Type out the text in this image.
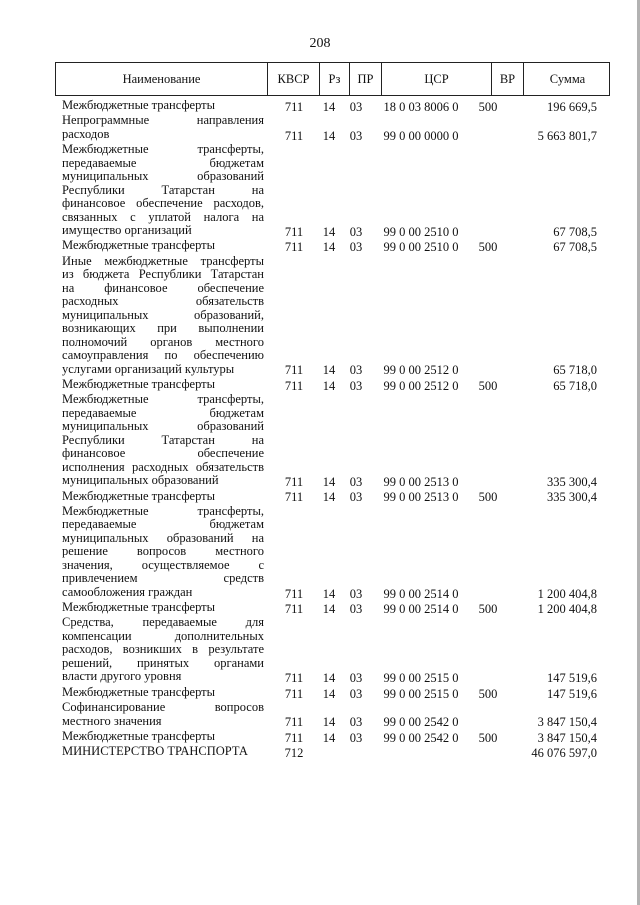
208
Наименование	КВСР	Рз	ПР	ЦСР	ВР	Сумма
Межбюджетные трансферты	711	14	03	18 0 03 8006 0	500	196 669,5
Непрограммные направления
расходов	711	14	03	99 0 00 0000 0	5 663 801,7
Межбюджетные трансферты,
передаваемые бюджетам
муниципальных образований
Республики Татарстан на
финансовое обеспечение расходов,
связанных с уплатой налога на
имущество организаций	711	14	03	99 0 00 2510 0	67 708,5
Межбюджетные трансферты	711	14	03	99 0 00 2510 0	500	67 708,5
Иные межбюджетные трансферты
из бюджета Республики Татарстан
на финансовое обеспечение
расходных обязательств
муниципальных образований,
возникающих при выполнении
полномочий органов местного
самоуправления по обеспечению
услугами организаций культуры	711	14	03	99 0 00 2512 0	65 718,0
Межбюджетные трансферты	711	14	03	99 0 00 2512 0	500	65 718,0
Межбюджетные трансферты,
передаваемые бюджетам
муниципальных образований
Республики Татарстан на
финансовое обеспечение
исполнения расходных обязательств
муниципальных образований	711	14	03	99 0 00 2513 0	335 300,4
Межбюджетные трансферты	711	14	03	99 0 00 2513 0	500	335 300,4
Межбюджетные трансферты,
передаваемые бюджетам
муниципальных образований на
решение вопросов местного
значения, осуществляемое с
привлечением средств
самообложения граждан	711	14	03	99 0 00 2514 0	1 200 404,8
Межбюджетные трансферты	711	14	03	99 0 00 2514 0	500	1 200 404,8
Средства, передаваемые для
компенсации дополнительных
расходов, возникших в результате
решений, принятых органами
власти другого уровня	711	14	03	99 0 00 2515 0	147 519,6
Межбюджетные трансферты	711	14	03	99 0 00 2515 0	500	147 519,6
Софинансирование вопросов
местного значения	711	14	03	99 0 00 2542 0	3 847 150,4
Межбюджетные трансферты	711	14	03	99 0 00 2542 0	500	3 847 150,4
МИНИСТЕРСТВО ТРАНСПОРТА	712	46 076 597,0
